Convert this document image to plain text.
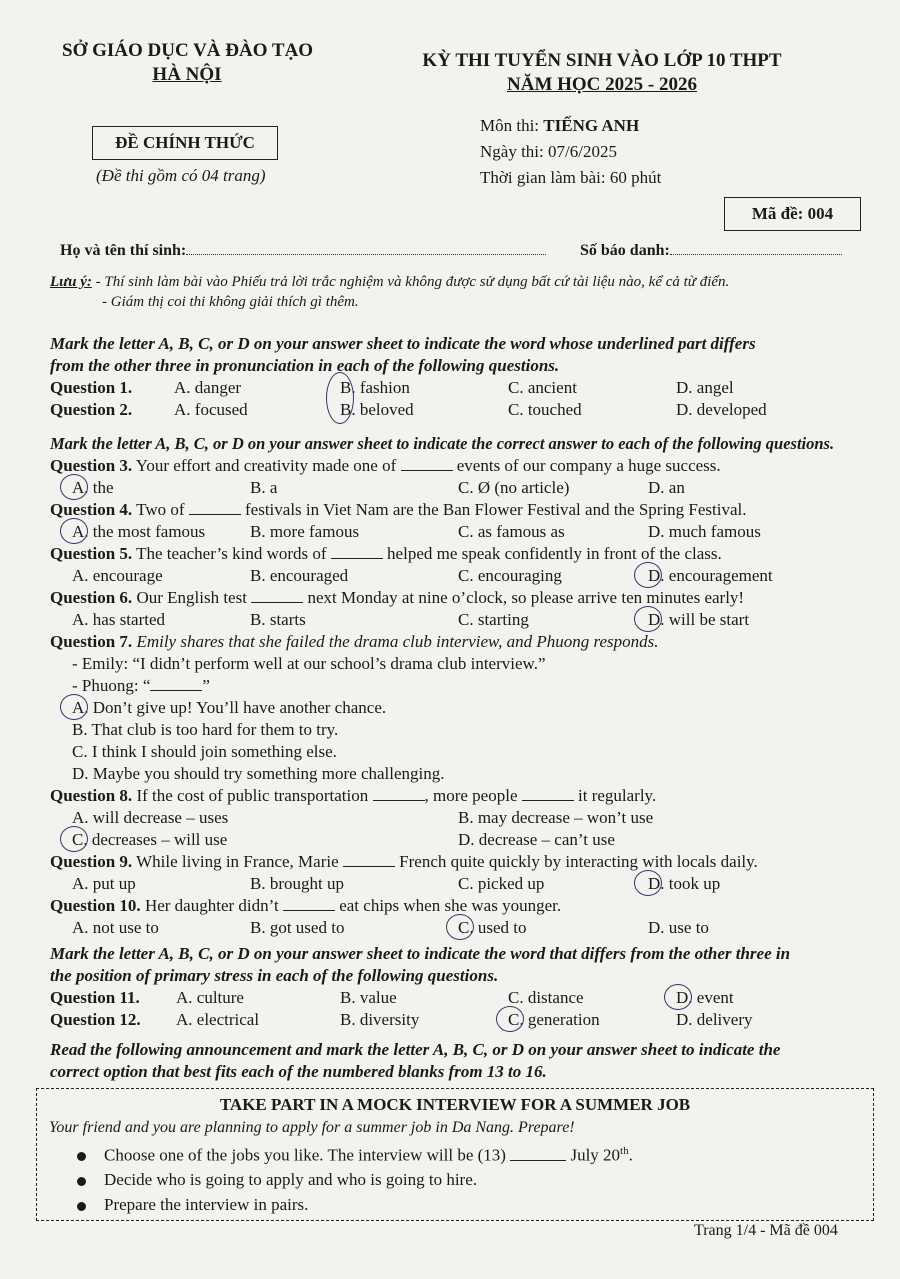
SỞ GIÁO DỤC VÀ ĐÀO TẠO
HÀ NỘI
KỲ THI TUYỂN SINH VÀO LỚP 10 THPT
NĂM HỌC 2025 - 2026
ĐỀ CHÍNH THỨC
(Đề thi gồm có 04 trang)
Môn thi: TIẾNG ANH
Ngày thi: 07/6/2025
Thời gian làm bài: 60 phút
Mã đề: 004
Họ và tên thí sinh:	Số báo danh:
Lưu ý: - Thí sinh làm bài vào Phiếu trả lời trắc nghiệm và không được sử dụng bất cứ tài liệu nào, kể cả từ điển.
- Giám thị coi thi không giải thích gì thêm.
Mark the letter A, B, C, or D on your answer sheet to indicate the word whose underlined part differs
from the other three in pronunciation in each of the following questions.
Question 1. A. danger	B. fashion	C. ancient	D. angel
Question 2. A. focused	B. beloved	C. touched	D. developed
Mark the letter A, B, C, or D on your answer sheet to indicate the correct answer to each of the following questions.
Question 3. Your effort and creativity made one of	events of our company a huge success.
A. the	B. a	C. Ø (no article)	D. an
Question 4. Two of	festivals in Viet Nam are the Ban Flower Festival and the Spring Festival.
A. the most famous	B. more famous	C. as famous as	D. much famous
Question 5. The teacher’s kind words of	helped me speak confidently in front of the class.
A. encourage	B. encouraged	C. encouraging	D. encouragement
Question 6. Our English test	next Monday at nine o’clock, so please arrive ten minutes early!
A. has started	B. starts	C. starting	D. will be start
Question 7. Emily shares that she failed the drama club interview, and Phuong responds.
- Emily: “I didn’t perform well at our school’s drama club interview.”
- Phuong: “	”
A. Don’t give up! You’ll have another chance.
B. That club is too hard for them to try.
C. I think I should join something else.
D. Maybe you should try something more challenging.
Question 8. If the cost of public transportation	, more people	it regularly.
A. will decrease – uses	B. may decrease – won’t use
C. decreases – will use	D. decrease – can’t use
Question 9. While living in France, Marie	French quite quickly by interacting with locals daily.
A. put up	B. brought up	C. picked up	D. took up
Question 10. Her daughter didn’t	eat chips when she was younger.
A. not use to	B. got used to	C. used to	D. use to
Mark the letter A, B, C, or D on your answer sheet to indicate the word that differs from the other three in
the position of primary stress in each of the following questions.
Question 11. A. culture	B. value	C. distance	D. event
Question 12. A. electrical	B. diversity	C. generation	D. delivery
Read the following announcement and mark the letter A, B, C, or D on your answer sheet to indicate the
correct option that best fits each of the numbered blanks from 13 to 16.
TAKE PART IN A MOCK INTERVIEW FOR A SUMMER JOB
Your friend and you are planning to apply for a summer job in Da Nang. Prepare!
Choose one of the jobs you like. The interview will be (13)	July 20th.
Decide who is going to apply and who is going to hire.
Prepare the interview in pairs.
Trang 1/4 - Mã đề 004
